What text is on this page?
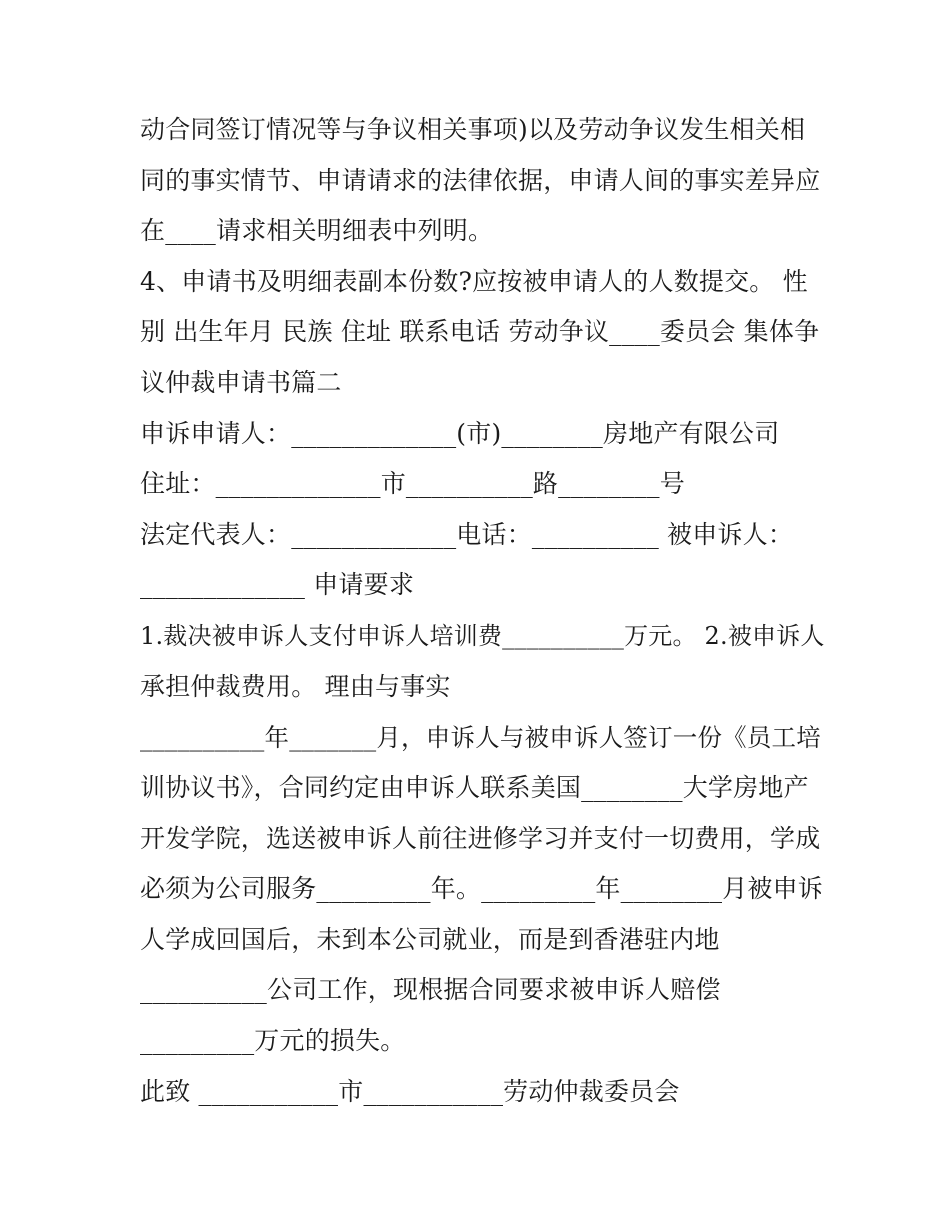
动合同签订情况等与争议相关事项)以及劳动争议发生相关相
同的事实情节、申请请求的法律依据，申请人间的事实差异应
在____请求相关明细表中列明。
4、申请书及明细表副本份数?应按被申请人的人数提交。 性
别 出生年月 民族 住址 联系电话 劳动争议____委员会 集体争
议仲裁申请书篇二
申诉申请人：_____________(市)________房地产有限公司
住址：_____________市__________路________号
法定代表人：_____________电话：__________ 被申诉人：
_____________ 申请要求
1.裁决被申诉人支付申诉人培训费__________万元。 2.被申诉人
承担仲裁费用。 理由与事实
__________年_______月，申诉人与被申诉人签订一份《员工培
训协议书》，合同约定由申诉人联系美国________大学房地产
开发学院，选送被申诉人前往进修学习并支付一切费用，学成
必须为公司服务_________年。_________年________月被申诉
人学成回国后，未到本公司就业，而是到香港驻内地
__________公司工作，现根据合同要求被申诉人赔偿
_________万元的损失。
此致 ___________市___________劳动仲裁委员会
